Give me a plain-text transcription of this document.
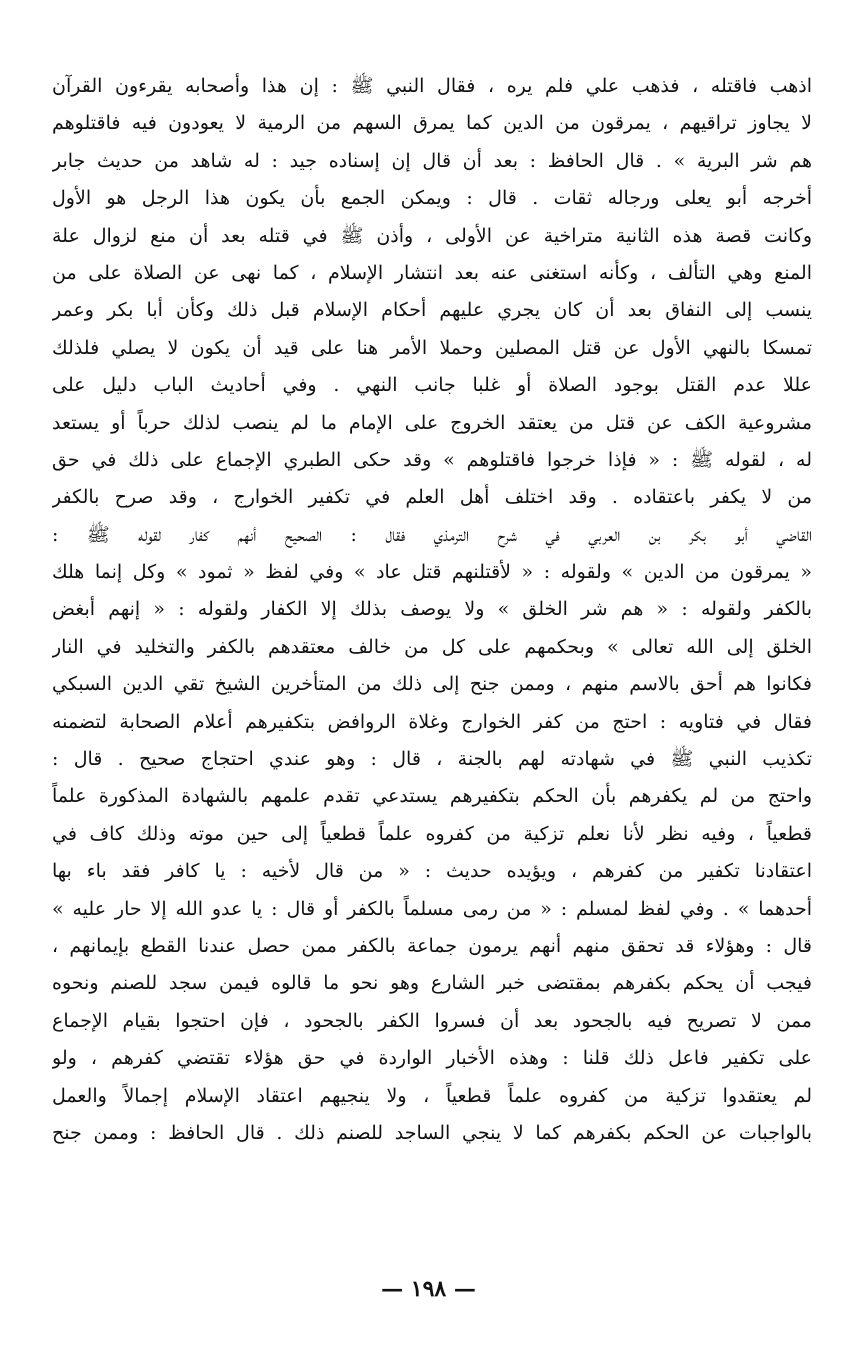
اذهب فاقتله ، فذهب علي فلم يره ، فقال النبي ﷺ : إن هذا وأصحابه يقرءون القرآن
لا يجاوز تراقيهم ، يمرقون من الدين كما يمرق السهم من الرمية لا يعودون فيه فاقتلوهم
هم شر البرية » . قال الحافظ : بعد أن قال إن إسناده جيد : له شاهد من حديث جابر
أخرجه أبو يعلى ورجاله ثقات . قال : ويمكن الجمع بأن يكون هذا الرجل هو الأول
وكانت قصة هذه الثانية متراخية عن الأولى ، وأذن ﷺ في قتله بعد أن منع لزوال علة
المنع وهي التألف ، وكأنه استغنى عنه بعد انتشار الإسلام ، كما نهى عن الصلاة على من
ينسب إلى النفاق بعد أن كان يجري عليهم أحكام الإسلام قبل ذلك وكأن أبا بكر وعمر
تمسكا بالنهي الأول عن قتل المصلين وحملا الأمر هنا على قيد أن يكون لا يصلي فلذلك
عللا عدم القتل بوجود الصلاة أو غلبا جانب النهي . وفي أحاديث الباب دليل على
مشروعية الكف عن قتل من يعتقد الخروج على الإمام ما لم ينصب لذلك حرباً أو يستعد
له ، لقوله ﷺ : « فإذا خرجوا فاقتلوهم » وقد حكى الطبري الإجماع على ذلك في حق
من لا يكفر باعتقاده . وقد اختلف أهل العلم في تكفير الخوارج ، وقد صرح بالكفر
القاضي أبو بكر بن العربي في شرح الترمذي فقال : الصحيح أنهم كفار لقوله ﷺ :
« يمرقون من الدين » ولقوله : « لأقتلنهم قتل عاد » وفي لفظ « ثمود » وكل إنما هلك
بالكفر ولقوله : « هم شر الخلق » ولا يوصف بذلك إلا الكفار ولقوله : « إنهم أبغض
الخلق إلى الله تعالى » وبحكمهم على كل من خالف معتقدهم بالكفر والتخليد في النار
فكانوا هم أحق بالاسم منهم ، وممن جنح إلى ذلك من المتأخرين الشيخ تقي الدين السبكي
فقال في فتاويه : احتج من كفر الخوارج وغلاة الروافض بتكفيرهم أعلام الصحابة لتضمنه
تكذيب النبي ﷺ في شهادته لهم بالجنة ، قال : وهو عندي احتجاج صحيح . قال :
واحتج من لم يكفرهم بأن الحكم بتكفيرهم يستدعي تقدم علمهم بالشهادة المذكورة علماً
قطعياً ، وفيه نظر لأنا نعلم تزكية من كفروه علماً قطعياً إلى حين موته وذلك كاف في
اعتقادنا تكفير من كفرهم ، ويؤيده حديث : « من قال لأخيه : يا كافر فقد باء بها
أحدهما » . وفي لفظ لمسلم : « من رمى مسلماً بالكفر أو قال : يا عدو الله إلا حار عليه »
قال : وهؤلاء قد تحقق منهم أنهم يرمون جماعة بالكفر ممن حصل عندنا القطع بإيمانهم ،
فيجب أن يحكم بكفرهم بمقتضى خبر الشارع وهو نحو ما قالوه فيمن سجد للصنم ونحوه
ممن لا تصريح فيه بالجحود بعد أن فسروا الكفر بالجحود ، فإن احتجوا بقيام الإجماع
على تكفير فاعل ذلك قلنا : وهذه الأخبار الواردة في حق هؤلاء تقتضي كفرهم ، ولو
لم يعتقدوا تزكية من كفروه علماً قطعياً ، ولا ينجيهم اعتقاد الإسلام إجمالاً والعمل
بالواجبات عن الحكم بكفرهم كما لا ينجي الساجد للصنم ذلك . قال الحافظ : وممن جنح
— ١٩٨ —
